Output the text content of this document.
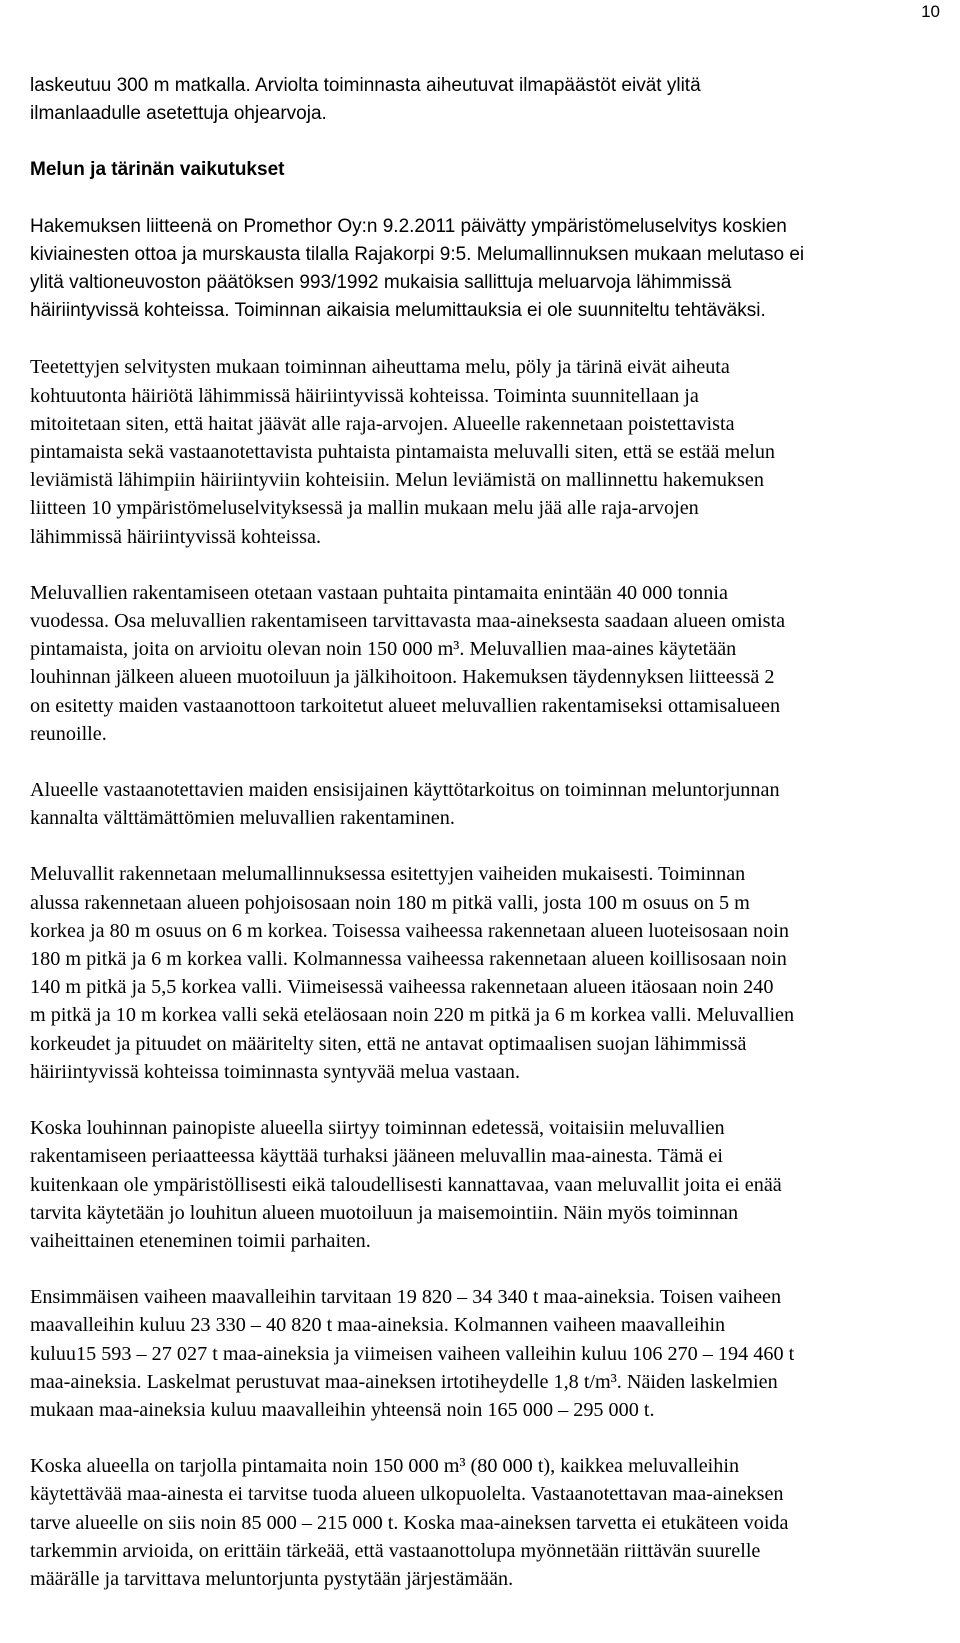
10

laskeutuu 300 m matkalla. Arviolta toiminnasta aiheutuvat ilmapäästöt eivät ylitä

ilmanlaadulle asetettuja ohjearvoja.

Melun ja tärinän vaikutukset

Hakemuksen liitteenä on Promethor Oy:n 9.2.2011 päivätty ympäristömeluselvitys koskien

kiviainesten ottoa ja murskausta tilalla Rajakorpi 9:5. Melumallinnuksen mukaan melutaso ei

ylitä valtioneuvoston päätöksen 993/1992 mukaisia sallittuja meluarvoja lähimmissä

häiriintyvissä kohteissa. Toiminnan aikaisia melumittauksia ei ole suunniteltu tehtäväksi.

Teetettyjen selvitysten mukaan toiminnan aiheuttama melu, pöly ja tärinä eivät aiheuta

kohtuutonta häiriötä lähimmissä häiriintyvissä kohteissa. Toiminta suunnitellaan ja

mitoitetaan siten, että haitat jäävät alle raja-arvojen. Alueelle rakennetaan poistettavista

pintamaista sekä vastaanotettavista puhtaista pintamaista meluvalli siten, että se estää melun

leviämistä lähimpiin häiriintyviin kohteisiin. Melun leviämistä on mallinnettu hakemuksen

liitteen 10 ympäristömeluselvityksessä ja mallin mukaan melu jää alle raja-arvojen

lähimmissä häiriintyvissä kohteissa.

Meluvallien rakentamiseen otetaan vastaan puhtaita pintamaita enintään 40 000 tonnia

vuodessa. Osa meluvallien rakentamiseen tarvittavasta maa-aineksesta saadaan alueen omista

pintamaista, joita on arvioitu olevan noin 150 000 m³. Meluvallien maa-aines käytetään

louhinnan jälkeen alueen muotoiluun ja jälkihoitoon. Hakemuksen täydennyksen liitteessä 2

on esitetty maiden vastaanottoon tarkoitetut alueet meluvallien rakentamiseksi ottamisalueen

reunoille.

Alueelle vastaanotettavien maiden ensisijainen käyttötarkoitus on toiminnan meluntorjunnan

kannalta välttämättömien meluvallien rakentaminen.

Meluvallit rakennetaan melumallinnuksessa esitettyjen vaiheiden mukaisesti. Toiminnan

alussa rakennetaan alueen pohjoisosaan noin 180 m pitkä valli, josta 100 m osuus on 5 m

korkea ja 80 m osuus on 6 m korkea. Toisessa vaiheessa rakennetaan alueen luoteisosaan noin

180 m pitkä ja 6 m korkea valli. Kolmannessa vaiheessa rakennetaan alueen koillisosaan noin

140 m pitkä ja 5,5 korkea valli. Viimeisessä vaiheessa rakennetaan alueen itäosaan noin 240

m pitkä ja 10 m korkea valli sekä eteläosaan noin 220 m pitkä ja 6 m korkea valli. Meluvallien

korkeudet ja pituudet on määritelty siten, että ne antavat optimaalisen suojan lähimmissä

häiriintyvissä kohteissa toiminnasta syntyvää melua vastaan.

Koska louhinnan painopiste alueella siirtyy toiminnan edetessä, voitaisiin meluvallien

rakentamiseen periaatteessa käyttää turhaksi jääneen meluvallin maa-ainesta. Tämä ei

kuitenkaan ole ympäristöllisesti eikä taloudellisesti kannattavaa, vaan meluvallit joita ei enää

tarvita käytetään jo louhitun alueen muotoiluun ja maisemointiin. Näin myös toiminnan

vaiheittainen eteneminen toimii parhaiten.

Ensimmäisen vaiheen maavalleihin tarvitaan 19 820 – 34 340 t maa-aineksia. Toisen vaiheen

maavalleihin kuluu 23 330 – 40 820 t maa-aineksia. Kolmannen vaiheen maavalleihin

kuluu15 593 – 27 027 t maa-aineksia ja viimeisen vaiheen valleihin kuluu 106 270 – 194 460 t

maa-aineksia. Laskelmat perustuvat maa-aineksen irtotiheydelle 1,8 t/m³. Näiden laskelmien

mukaan maa-aineksia kuluu maavalleihin yhteensä noin 165 000 – 295 000 t.

Koska alueella on tarjolla pintamaita noin 150 000 m³ (80 000 t), kaikkea meluvalleihin

käytettävää maa-ainesta ei tarvitse tuoda alueen ulkopuolelta. Vastaanotettavan maa-aineksen

tarve alueelle on siis noin 85 000 – 215 000 t. Koska maa-aineksen tarvetta ei etukäteen voida

tarkemmin arvioida, on erittäin tärkeää, että vastaanottolupa myönnetään riittävän suurelle

määrälle ja tarvittava meluntorjunta pystytään järjestämään.
